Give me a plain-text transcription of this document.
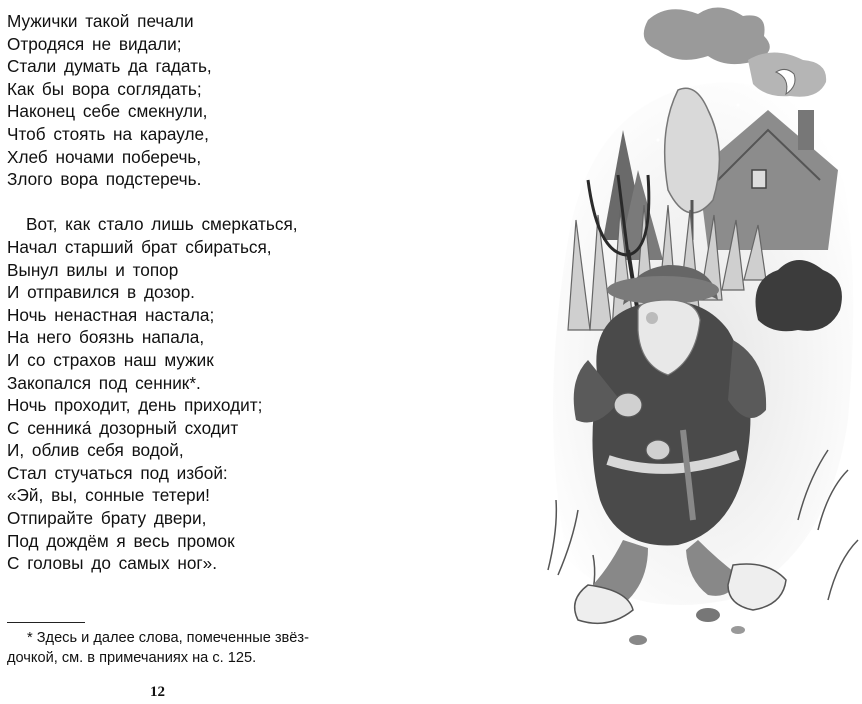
Мужички такой печали
Отродяся не видали;
Стали думать да гадать,
Как бы вора соглядать;
Наконец себе смекнули,
Чтоб стоять на карауле,
Хлеб ночами поберечь,
Злого вора подстеречь.
Вот, как стало лишь смеркаться,
Начал старший брат сбираться,
Вынул вилы и топор
И отправился в дозор.
Ночь ненастная настала;
На него боязнь напала,
И со страхов наш мужик
Закопался под сенник*.
Ночь проходит, день приходит;
С сенника́ дозорный сходит
И, облив себя водой,
Стал стучаться под избой:
«Эй, вы, сонные тетери!
Отпирайте брату двери,
Под дождём я весь промок
С головы до самых ног».
* Здесь и далее слова, помеченные звёз-
дочкой, см. в примечаниях на с. 125.
12
